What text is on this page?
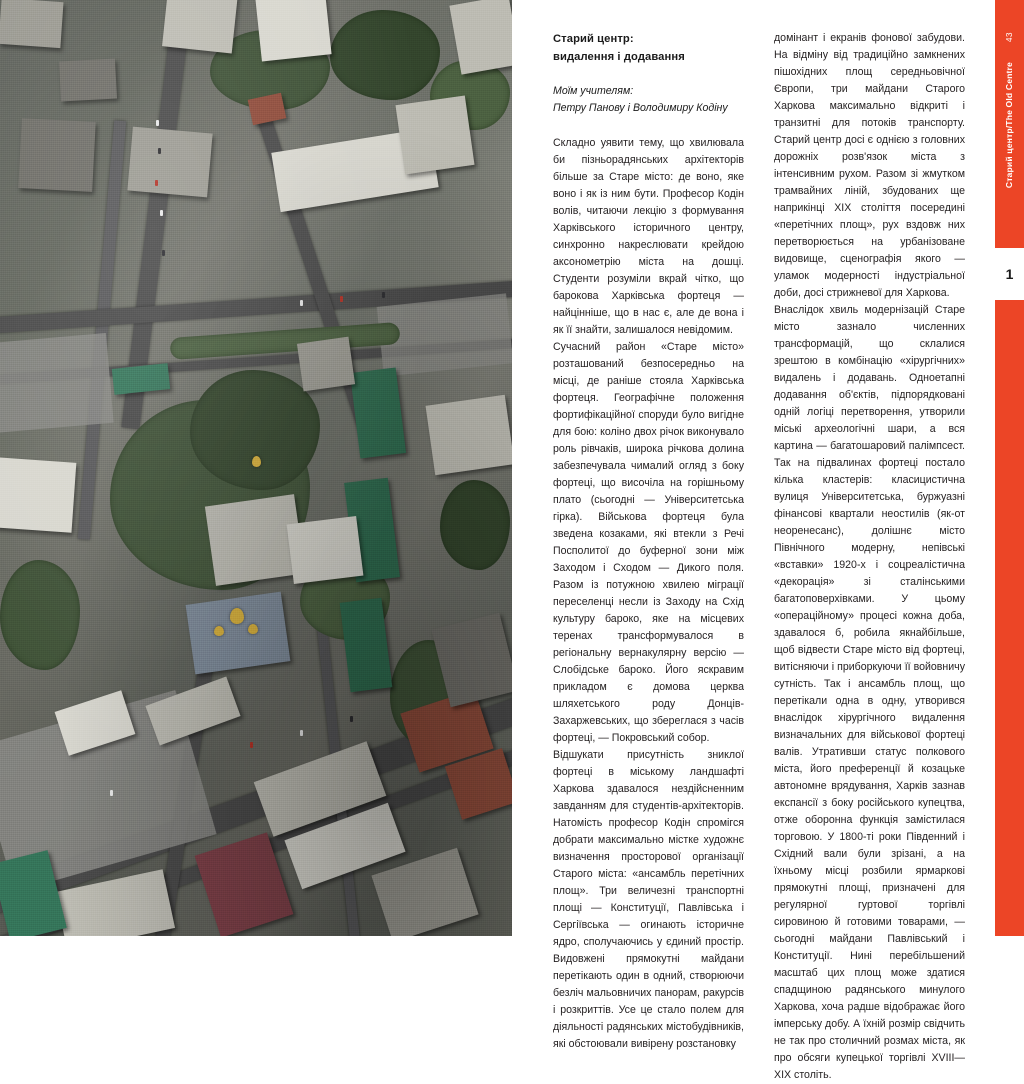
Старий центр:
видалення і додавання
Моїм учителям:
Петру Панову і Володимиру Кодіну

Складно уявити тему, що хвилювала би пізньорадянських архітекторів більше за Старе місто: де воно, яке воно і як із ним бути. Професор Кодін волів, читаючи лекцію з формування Харківського історичного центру, синхронно накреслювати крейдою аксонометрію міста на дошці. Студенти розуміли вкрай чітко, що барокова Харківська фортеця — найцінніше, що в нас є, але де вона і як її знайти, залишалося невідомим.

Сучасний район «Старе місто» розташований безпосередньо на місці, де раніше стояла Харківська фортеця. Географічне положення фортифікаційної споруди було вигідне для бою: коліно двох річок виконувало роль рівчаків, широка річкова долина забезпечувала чималий огляд з боку фортеці, що височіла на горішньому плато (сьогодні — Університетська гірка). Військова фортеця була зведена козаками, які втекли з Речі Посполитої до буферної зони між Заходом і Сходом — Дикого поля. Разом із потужною хвилею міграції переселенці несли із Заходу на Схід культуру бароко, яке на місцевих теренах трансформувалося в регіональну вернакулярну версію — Слобідське бароко. Його яскравим прикладом є домова церква шляхетського роду Донців-Захаржевських, що збереглася з часів фортеці, — Покровський собор.

Відшукати присутність зниклої фортеці в міському ландшафті Харкова здавалося нездійсненним завданням для студентів-архітекторів. Натомість професор Кодін спромігся добрати максимально містке художнє визначення просторової організації Старого міста: «ансамбль перетічних площ». Три величезні транспортні площі — Конституції, Павлівська і Сергіївська — огинають історичне ядро, сполучаючись у єдиний простір. Видовжені прямокутні майдани перетікають один в одний, створюючи безліч мальовничих панорам, ракурсів і розкриттів. Усе це стало полем для діяльності радянських містобудівників, які обстоювали вивірену розстановку

домінант і екранів фонової забудови. На відміну від традиційно замкнених пішохідних площ середньовічної Європи, три майдани Старого Харкова максимально відкриті і транзитні для потоків транспорту. Старий центр досі є однією з головних дорожніх розв'язок міста з інтенсивним рухом. Разом зі жмутком трамвайних ліній, збудованих ще наприкінці XIX століття посередині «перетічних площ», рух вздовж них перетворюється на урбанізоване видовище, сценографія якого — уламок модерності індустріальної доби, досі стрижневої для Харкова.

Внаслідок хвиль модернізацій Старе місто зазнало численних трансформацій, що склалися зрештою в комбінацію «хірургічних» видалень і додавань. Одноетапні додавання об'єктів, підпорядковані одній логіці перетворення, утворили міські археологічні шари, а вся картина — багатошаровий палімпсест. Так на підвалинах фортеці постало кілька кластерів: класицистична вулиця Університетська, буржуазні фінансові квартали неостилів (як-от неоренесанс), долішнє місто Північного модерну, непівські «вставки» 1920-х і соцреалістична «декорація» зі сталінськими багатоповерхівками. У цьому «операційному» процесі кожна доба, здавалося б, робила якнайбільше, щоб відвести Старе місто від фортеці, витісняючи і приборкуючи її войовничу сутність. Так і ансамбль площ, що перетікали одна в одну, утворився внаслідок хірургічного видалення визначальних для військової фортеці валів. Утративши статус полкового міста, його преференції й козацьке автономне врядування, Харків зазнав експансії з боку російського купецтва, отже оборонна функція замістилася торговою. У 1800-ті роки Південний і Східний вали були зрізані, а на їхньому місці розбили ярмаркові прямокутні площі, призначені для регулярної гуртової торгівлі сировиною й готовими товарами, — сьогодні майдани Павлівський і Конституції. Нині перебільшений масштаб цих площ може здатися спадщиною радянського минулого Харкова, хоча радше відображає його імперську добу. А їхній розмір свідчить не так про столичний розмах міста, як про обсяги купецької торгівлі XVIII—XIX століть.

43
Старий центр/The Old Centre
1
